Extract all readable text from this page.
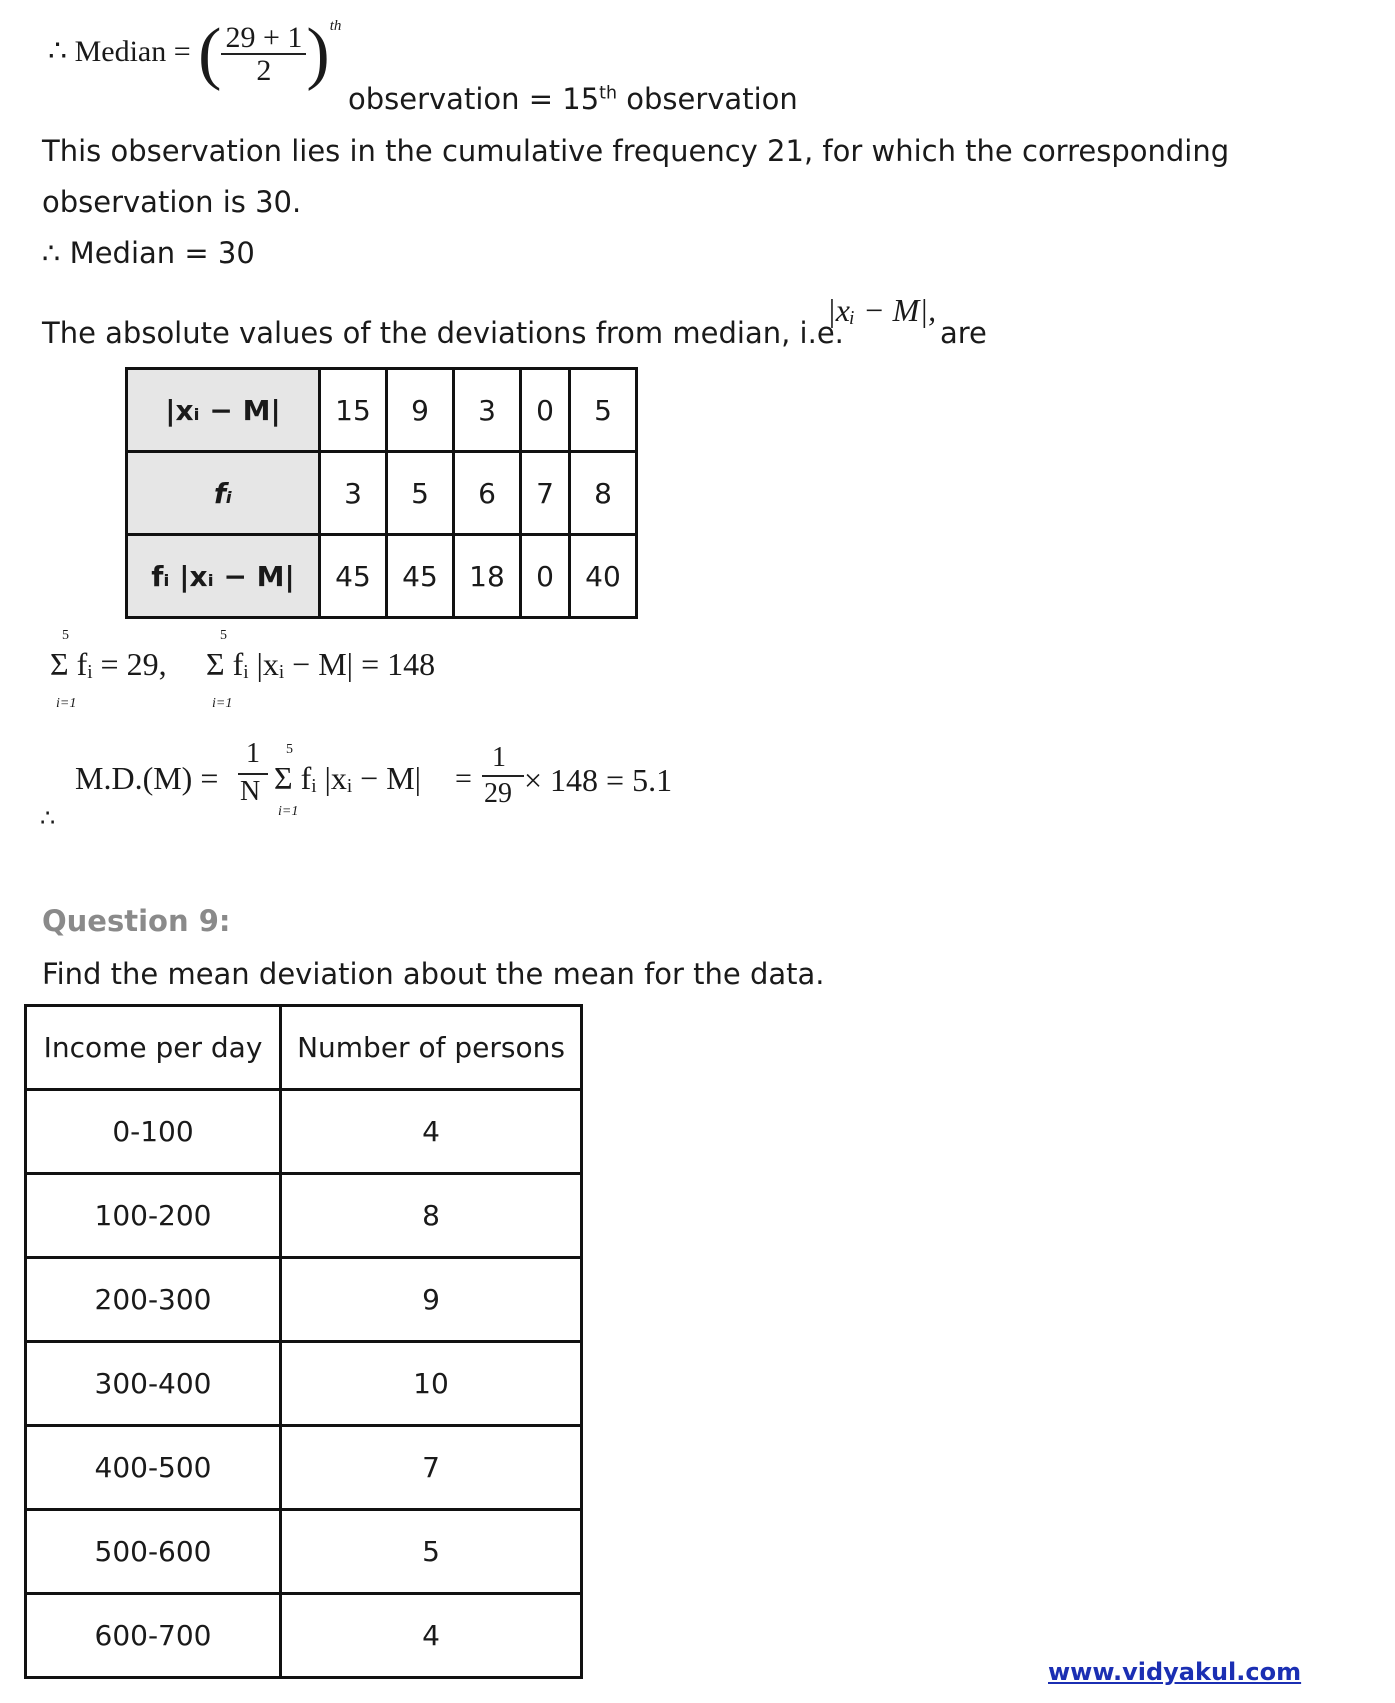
∴ Median = ( $\frac{29 + 1}{2} )^{th}$
observation = 15th observation
This observation lies in the cumulative frequency 21, for which the corresponding
observation is 30.
∴ Median = 30
The absolute values of the deviations from median, i.e.
|xᵢ − M|,
are
|xᵢ − M|	15	9	3	0	5
fᵢ	3	5	6	7	8
fᵢ |xᵢ − M|	45	45	18	0	40
5
i=1
Σ fᵢ = 29,
5
i=1
Σ fᵢ |xᵢ − M| = 148
M.D.(M) =
1
N
5
i=1
Σ fᵢ |xᵢ − M| =
1
29 × 148 = 5.1
∴
Question 9:
Find the mean deviation about the mean for the data.
Income per day	Number of persons
0-100	4
100-200	8
200-300	9
300-400	10
400-500	7
500-600	5
600-700	4
www.vidyakul.com
